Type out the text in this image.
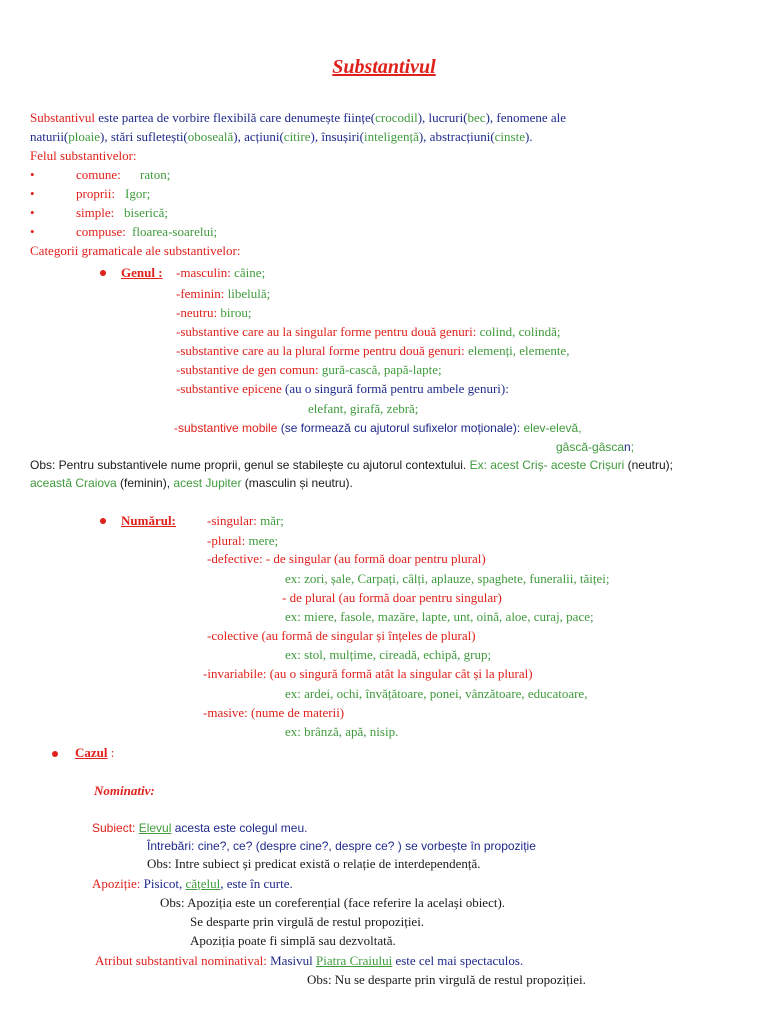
Substantivul
Substantivul este partea de vorbire flexibilă care denumește ființe(crocodil), lucruri(bec), fenomene ale
naturii(ploaie), stări sufletești(oboseală), acțiuni(citire), însușiri(inteligență), abstracțiuni(cinste).
Felul substantivelor:
•	comune: raton;
•	proprii: Igor;
•	simple: biserică;
•	compuse: floarea-soarelui;
Categorii gramaticale ale substantivelor:
Genul : -masculin: câine;
-feminin: libelulă;
-neutru: birou;
-substantive care au la singular forme pentru două genuri: colind, colindă;
-substantive care au la plural forme pentru două genuri: elemenți, elemente,
-substantive de gen comun: gură-cască, papă-lapte;
-substantive epicene (au o singură formă pentru ambele genuri):
elefant, girafă, zebră;
-substantive mobile (se formează cu ajutorul sufixelor moționale): elev-elevă,
gâscă-gâscan;
Obs: Pentru substantivele nume proprii, genul se stabilește cu ajutorul contextului. Ex: acest Criș- aceste Crișuri (neutru);
această Craiova (feminin), acest Jupiter (masculin și neutru).
Numărul: -singular: măr;
-plural: mere;
-defective: - de singular (au formă doar pentru plural)
ex: zori, șale, Carpați, câlți, aplauze, spaghete, funeralii, tăiței;
- de plural (au formă doar pentru singular)
ex: miere, fasole, mazăre, lapte, unt, oină, aloe, curaj, pace;
-colective (au formă de singular și înțeles de plural)
ex: stol, mulțime, cireadă, echipă, grup;
-invariabile: (au o singură formă atât la singular cât și la plural)
ex: ardei, ochi, învățătoare, ponei, vânzătoare, educatoare,
-masive: (nume de materii)
ex: brânză, apă, nisip.
Cazul :
Nominativ:
Subiect: Elevul acesta este colegul meu.
Întrebări: cine?, ce? (despre cine?, despre ce? ) se vorbește în propoziție
Obs: Intre subiect și predicat există o relație de interdependență.
Apoziție: Pisicot, cățelul, este în curte.
Obs: Apoziția este un coreferențial (face referire la același obiect).
Se desparte prin virgulă de restul propoziției.
Apoziția poate fi simplă sau dezvoltată.
Atribut substantival nominatival: Masivul Piatra Craiului este cel mai spectaculos.
Obs: Nu se desparte prin virgulă de restul propoziției.
